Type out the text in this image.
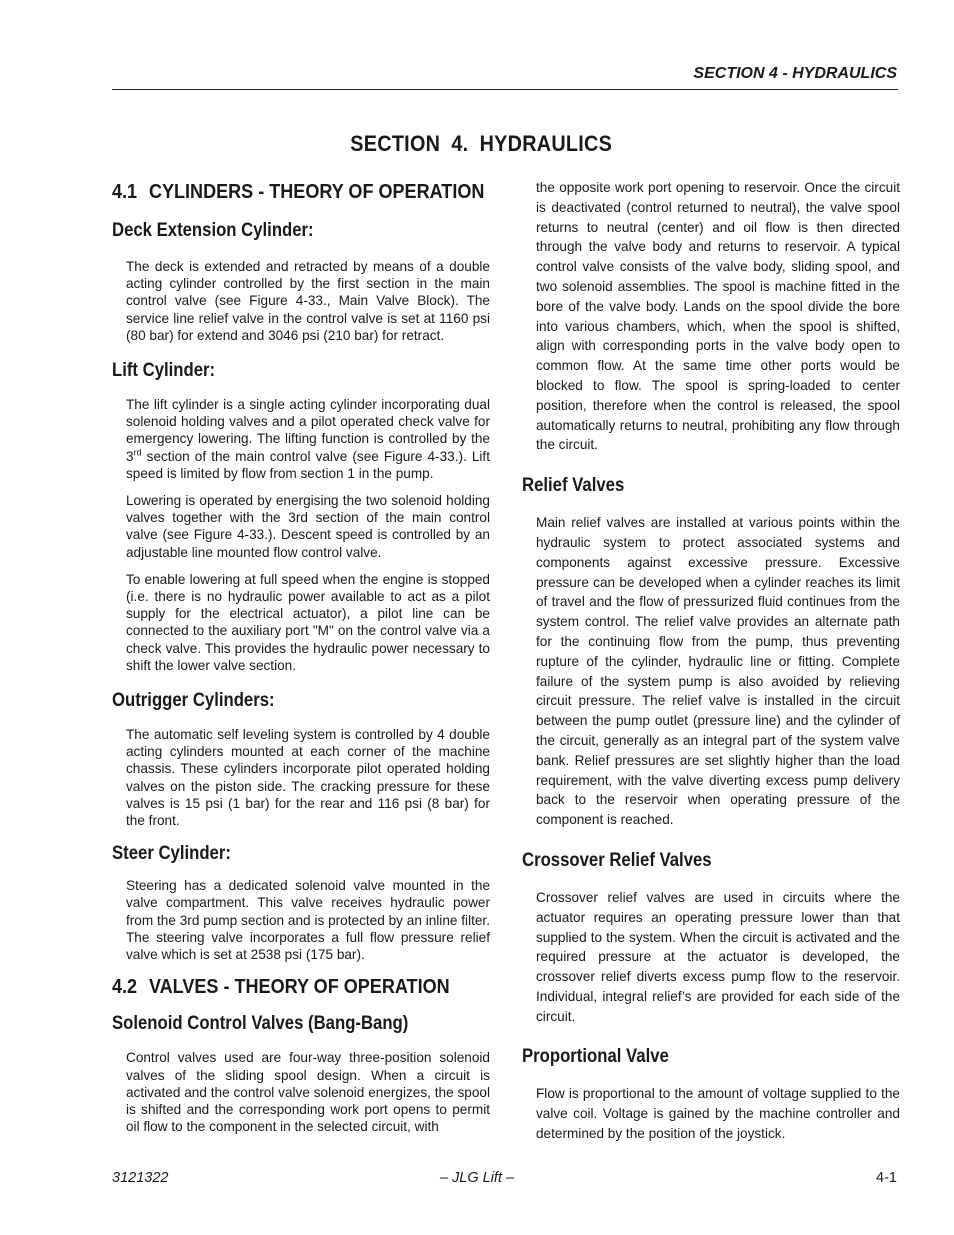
SECTION 4 - HYDRAULICS
SECTION 4. HYDRAULICS
4.1 CYLINDERS - THEORY OF OPERATION
Deck Extension Cylinder:

The deck is extended and retracted by means of a double acting cylinder controlled by the first section in the main control valve (see Figure 4-33., Main Valve Block). The service line relief valve in the control valve is set at 1160 psi (80 bar) for extend and 3046 psi (210 bar) for retract.

Lift Cylinder:

The lift cylinder is a single acting cylinder incorporating dual solenoid holding valves and a pilot operated check valve for emergency lowering. The lifting function is controlled by the 3rd section of the main control valve (see Figure 4-33.). Lift speed is limited by flow from section 1 in the pump.

Lowering is operated by energising the two solenoid holding valves together with the 3rd section of the main control valve (see Figure 4-33.). Descent speed is controlled by an adjustable line mounted flow control valve.

To enable lowering at full speed when the engine is stopped (i.e. there is no hydraulic power available to act as a pilot supply for the electrical actuator), a pilot line can be connected to the auxiliary port "M" on the control valve via a check valve. This provides the hydraulic power necessary to shift the lower valve section.

Outrigger Cylinders:

The automatic self leveling system is controlled by 4 double acting cylinders mounted at each corner of the machine chassis. These cylinders incorporate pilot operated holding valves on the piston side. The cracking pressure for these valves is 15 psi (1 bar) for the rear and 116 psi (8 bar) for the front.

Steer Cylinder:

Steering has a dedicated solenoid valve mounted in the valve compartment. This valve receives hydraulic power from the 3rd pump section and is protected by an inline filter. The steering valve incorporates a full flow pressure relief valve which is set at 2538 psi (175 bar).

4.2 VALVES - THEORY OF OPERATION
Solenoid Control Valves (Bang-Bang)

Control valves used are four-way three-position solenoid valves of the sliding spool design. When a circuit is activated and the control valve solenoid energizes, the spool is shifted and the corresponding work port opens to permit oil flow to the component in the selected circuit, with

the opposite work port opening to reservoir. Once the circuit is deactivated (control returned to neutral), the valve spool returns to neutral (center) and oil flow is then directed through the valve body and returns to reservoir. A typical control valve consists of the valve body, sliding spool, and two solenoid assemblies. The spool is machine fitted in the bore of the valve body. Lands on the spool divide the bore into various chambers, which, when the spool is shifted, align with corresponding ports in the valve body open to common flow. At the same time other ports would be blocked to flow. The spool is spring-loaded to center position, therefore when the control is released, the spool automatically returns to neutral, prohibiting any flow through the circuit.

Relief Valves

Main relief valves are installed at various points within the hydraulic system to protect associated systems and components against excessive pressure. Excessive pressure can be developed when a cylinder reaches its limit of travel and the flow of pressurized fluid continues from the system control. The relief valve provides an alternate path for the continuing flow from the pump, thus preventing rupture of the cylinder, hydraulic line or fitting. Complete failure of the system pump is also avoided by relieving circuit pressure. The relief valve is installed in the circuit between the pump outlet (pressure line) and the cylinder of the circuit, generally as an integral part of the system valve bank. Relief pressures are set slightly higher than the load requirement, with the valve diverting excess pump delivery back to the reservoir when operating pressure of the component is reached.

Crossover Relief Valves

Crossover relief valves are used in circuits where the actuator requires an operating pressure lower than that supplied to the system. When the circuit is activated and the required pressure at the actuator is developed, the crossover relief diverts excess pump flow to the reservoir. Individual, integral relief’s are provided for each side of the circuit.

Proportional Valve

Flow is proportional to the amount of voltage supplied to the valve coil. Voltage is gained by the machine controller and determined by the position of the joystick.

3121322	– JLG Lift –	4-1
